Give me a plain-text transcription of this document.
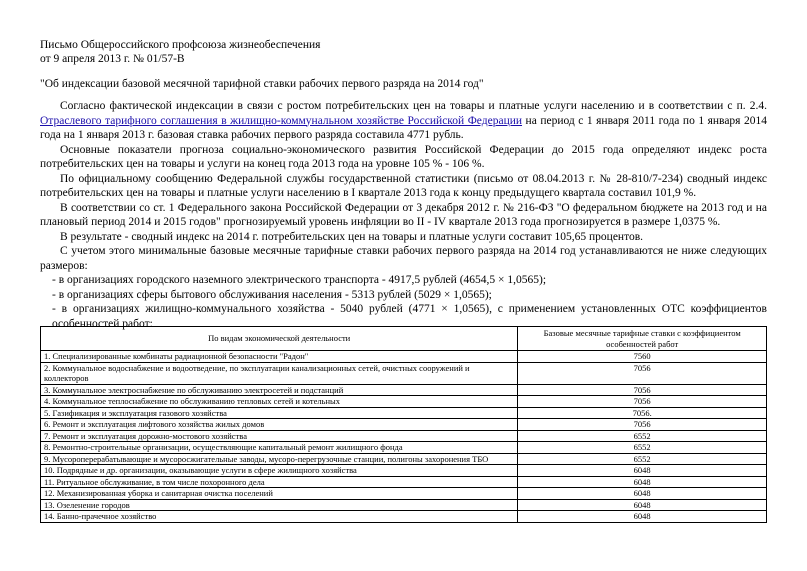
Письмо Общероссийского профсоюза жизнеобеспечения
от 9 апреля 2013 г. № 01/57-В
"Об индексации базовой месячной тарифной ставки рабочих первого разряда на 2014 год"

Согласно фактической индексации в связи с ростом потребительских цен на товары и платные услуги населению и в соответствии с п. 2.4. Отраслевого тарифного соглашения в жилищно-коммунальном хозяйстве Российской Федерации на период с 1 января 2011 года по 1 января 2014 года на 1 января 2013 г. базовая ставка рабочих первого разряда составила 4771 рубль.

Основные показатели прогноза социально-экономического развития Российской Федерации до 2015 года определяют индекс роста потребительских цен на товары и услуги на конец года 2013 года на уровне 105 % - 106 %.

По официальному сообщению Федеральной службы государственной статистики (письмо от 08.04.2013 г. № 28-810/7-234) сводный индекс потребительских цен на товары и платные услуги населению в I квартале 2013 года к концу предыдущего квартала составил 101,9 %.

В соответствии со ст. 1 Федерального закона Российской Федерации от 3 декабря 2012 г. № 216-ФЗ "О федеральном бюджете на 2013 год и на плановый период 2014 и 2015 годов" прогнозируемый уровень инфляции во II - IV квартале 2013 года прогнозируется в размере 1,0375 %.

В результате - сводный индекс на 2014 г. потребительских цен на товары и платные услуги составит 105,65 процентов.

С учетом этого минимальные базовые месячные тарифные ставки рабочих первого разряда на 2014 год устанавливаются не ниже следующих размеров:

- в организациях городского наземного электрического транспорта - 4917,5 рублей (4654,5 × 1,0565);

- в организациях сферы бытового обслуживания населения - 5313 рублей (5029 × 1,0565);

- в организациях жилищно-коммунального хозяйства - 5040 рублей (4771 × 1,0565), с применением установленных ОТС коэффициентов особенностей работ:

По видам экономической деятельности	Базовые месячные тарифные ставки с коэффициентом особенностей работ
1. Специализированные комбинаты радиационной безопасности "Радон"	7560
2. Коммунальное водоснабжение и водоотведение, по эксплуатации канализационных сетей, очистных сооружений и коллекторов	7056
3. Коммунальное электроснабжение по обслуживанию электросетей и подстанций	7056
4. Коммунальное теплоснабжение по обслуживанию тепловых сетей и котельных	7056
5. Газификация и эксплуатация газового хозяйства	7056.
6. Ремонт и эксплуатация лифтового хозяйства жилых домов	7056
7. Ремонт и эксплуатация дорожно-мостового хозяйства	6552
8. Ремонтно-строительные организации, осуществляющие капитальный ремонт жилищного фонда	6552
9. Мусороперерабатывающие и мусоросжигательные заводы, мусоро-перегрузочные станции, полигоны захоронения ТБО	6552
10. Подрядные и др. организации, оказывающие услуги в сфере жилищного хозяйства	6048
11. Ритуальное обслуживание, в том числе похоронного дела	6048
12. Механизированная уборка и санитарная очистка поселений	6048
13. Озеленение городов	6048
14. Банно-прачечное хозяйство	6048
